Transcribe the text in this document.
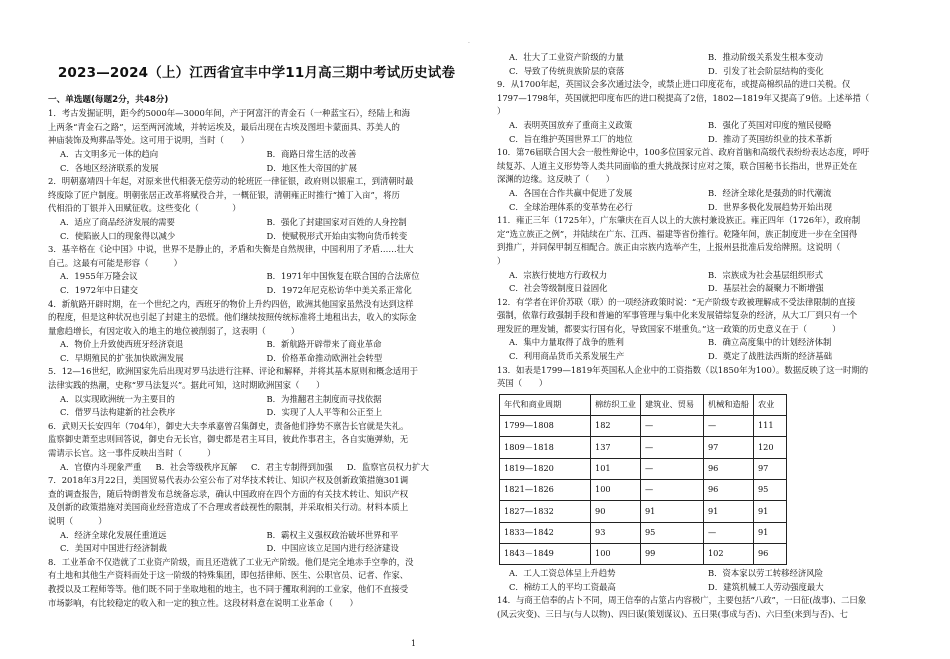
·
2023—2024（上）江西省宜丰中学11月高三期中考试历史试卷
一、单选题(每题2分，共48分)
1．考古发掘证明，距今约5000年—3000年间，产于阿富汗的青金石（一种蓝宝石），经陆上和海
上两条“青金石之路”，运至两河流域，并转运埃及，最后出现在古埃及图坦卡蒙面具、苏美人的
神庙装饰及殉葬品等处。这可用于说明，当时（　　）
A．古文明多元一体的趋向	B．商路日常生活的改善
C．各地区经济联系的发展	D．地区性大帝国的扩展
2．明朝嘉靖四十年起，对原来世代相袭无偿劳动的轮班匠一律征银，政府则以银雇工，到清朝时最
终废除了匠户制度。明朝张居正改革将赋役合并，一概征银，清朝雍正时推行“摊丁入亩”，将历
代相沿的丁银并入田赋征收。这些变化（　　　　）
A．适应了商品经济发展的需要	B．强化了封建国家对百姓的人身控制
C．使陷嵌人口的现象得以减少	D．使赋税形式开始由实物向货币转变
3．基辛格在《论中国》中说，世界不是静止的，矛盾和失衡是自然规律，中国利用了矛盾……壮大
自己。这最有可能是形容（　　　）
A．1955年万隆会议	B．1971年中国恢复在联合国的合法席位
C．1972年中日建交	D．1972年尼克松访华中美关系正常化
4．新航路开辟时期，在一个世纪之内，西班牙的物价上升约四倍，欧洲其他国家虽然没有达到这样
的程度，但是这种状况也引起了封建主的恐慌。他们继续按照传统标准将土地租出去，收入的实际金
量愈趋增长，有因定收入的地主的地位被削弱了，这表明（　　　）
A．物价上升致使西班牙经济衰退	B．新航路开辟带来了商业革命
C．早期殖民的扩张加快欧洲发展	D．价格革命推动欧洲社会转型
5．12—16世纪，欧洲国家先后出现对罗马法进行注释、评论和解释，并将其基本原则和概念适用于
法律实践的热潮，史称“罗马法复兴”。据此可知，这时期欧洲国家（　　）
A．以实现欧洲统一为主要目的	B．为推翻君主制度而寻找依据
C．借罗马法构建新的社会秩序	D．实现了人人平等和公正至上
6．武则天长安四年（704年），御史大夫李承嘉曾召集御史，责备他们挣势不禀告长官就是失礼。
监察御史萧至忠则回答说，御史台无长官，御史都是君主耳目，彼此作事君主，各自实施弹劾，无
需请示长官。这一事件反映出当时（　　　）
A．官僚内斗现象严重 B．社会等级秩序瓦解 C．君主专制得到加强 D．监察官员权力扩大
7．2018年3月22日，美国贸易代表办公室公布了对华技术转让、知识产权及创新政策措施301调
查的调查报告，随后特朗普发布总统备忘录，确认中国政府在四个方面的有关技术转让、知识产权
及创新的政策措施对美国商业经营造成了不合理或者歧视性的限制，并采取相关行动。材料本质上
说明（　　　）
A．经济全球化发展任重道远	B．霸权主义强权政治破坏世界和平
C．美国对中国进行经济制裁	D．中国应该立足国内进行经济建设
8．工业革命不仅造就了工业资产阶级，而且还造就了工业无产阶级。他们是完全地赤手空拳的，没
有土地和其他生产资料而处于这一阶级的特殊集团，即包括律师、医生、公职官员、记者、作家、
教授以及工程师等等。他们既不同于坐取地租的地主，也不同于攫取利润的工业家，他们不直接受
市场影响，有比较稳定的收入和一定的独立性。这段材料意在说明工业革命（　　）
A．壮大了工业资产阶级的力量	B．推动阶级关系发生根本变动
C．导致了传统贵族阶层的衰落	D．引发了社会阶层结构的变化
9．从1700年起，英国议会多次通过法令，或禁止进口印度花布，或提高棉织品的进口关税。仅
1797—1798年，英国就把印度布匹的进口税提高了2倍，1802—1819年又提高了9倍。上述举措（
）
A．表明英国放弃了重商主义政策	B．强化了英国对印度的殖民侵略
C．旨在维护英国世界工厂的地位	D．推动了英国纺织业的技术革新
10．第76届联合国大会一般性辩论中，100多位国家元首、政府首脑和高级代表纷纷表达态度，呼吁
续复苏、人道主义形势等人类共同面临的重大挑战探讨应对之策，联合国秘书长指出，世界正处在
深渊的边缘。这反映了（　　）
A．各国在合作共赢中促进了发展	B．经济全球化是强劲的时代潮流
C．全球治理体系的变革势在必行	D．世界多极化发展趋势开始出现
11．雍正三年（1725年），广东肇庆在百人以上的大族村兼设族正。雍正四年（1726年），政府制
定“选立族正之例”，并陆续在广东、江西、福建等省份推行。乾隆年间，族正制度进一步在全国得
到推广，并同保甲制互相配合。族正由宗族内选举产生，上报州县批准后发给牌照。这说明（
）
A．宗族行使地方行政权力	B．宗族成为社会基层组织形式
C．社会等级制度日益固化	D．基层社会的凝聚力不断增强
12．有学者在评价苏联（联）的一项经济政策时说：“无产阶级专政被理解成不受法律限制的直接
强制，依靠行政强制手段和普遍的军事管理与集中化来发展错综复杂的经济，从大工厂到只有一个
理发匠的理发铺，都要实行国有化，导致国家不堪重负。”这一政策的历史意义在于（　　　）
A．集中力量取得了战争的胜利	B．确立高度集中的计划经济体制
C．利用商品货币关系发展生产	D．奠定了战胜法西斯的经济基础
13．如表是1799—1819年英国私人企业中的工资指数（以1850年为100）。数据反映了这一时期的
英国（　　）
年代和商业周期	棉纺织工业	建筑业、贸易	机械和造船	农业
1799—1808	182	—	—	111
1809－1818	137	—	97	120
1819—1820	101	—	96	97
1821—1826	100	—	96	95
1827—1832	90	91	91	91
1833—1842	93	95	—	91
1843－1849	100	99	102	96
A．工人工资总体呈上升趋势	B．资本家以劳工转移经济风险
C．棉纺工人的平均工资最高	D．建筑机械工人劳动强度最大
14．与商王信奉的占卜不同，周王信奉的占筮占内容极广，主要包括“八政”，一曰征(战事)、二曰象
(风云灾变)、三曰与(与人以物)、四曰谋(策划谋议)、五曰果(事成与否)、六曰至(来到与否)、七
1
